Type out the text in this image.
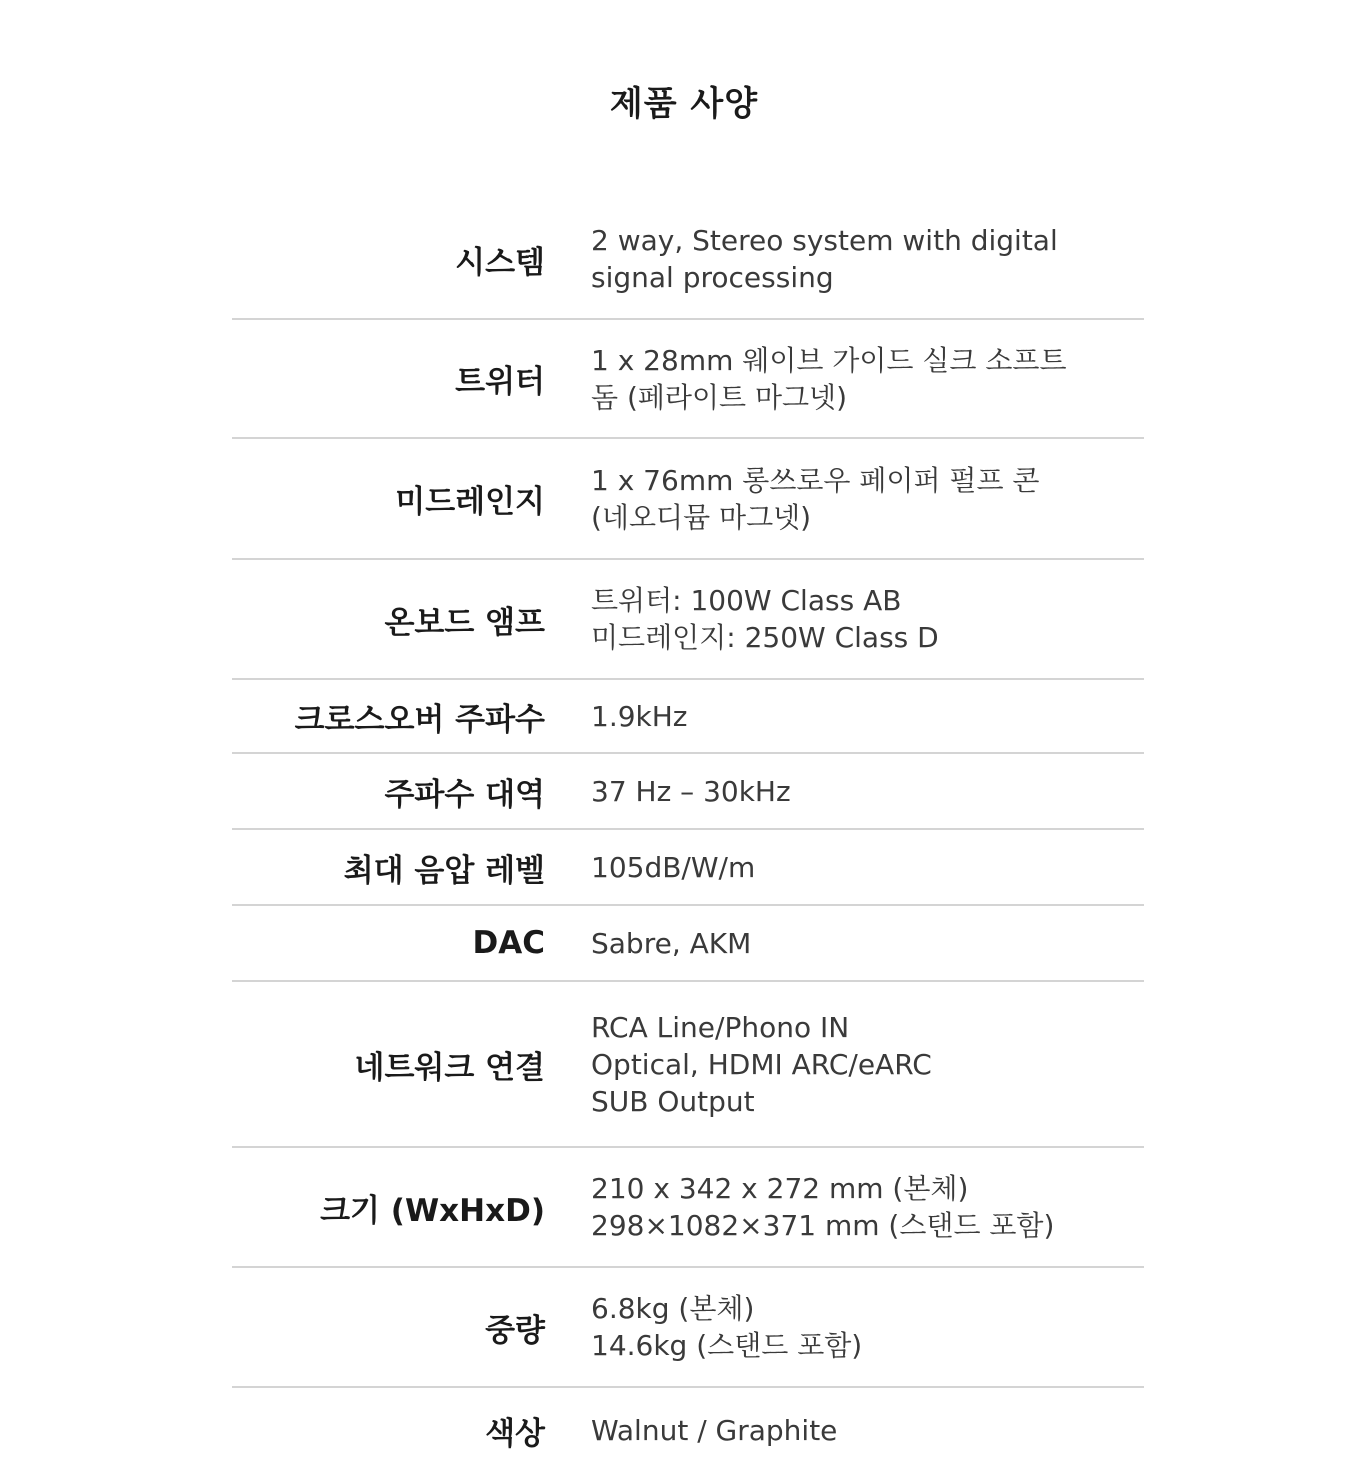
제품 사양
시스템
2 way, Stereo system with digital
signal processing
트위터
1 x 28mm 웨이브 가이드 실크 소프트
돔 (페라이트 마그넷)
미드레인지
1 x 76mm 롱쓰로우 페이퍼 펄프 콘
(네오디뮴 마그넷)
온보드 앰프
트위터: 100W Class AB
미드레인지: 250W Class D
크로스오버 주파수 1.9kHz
주파수 대역 37 Hz – 30kHz
최대 음압 레벨 105dB/W/m
DAC Sabre, AKM
네트워크 연결
RCA Line/Phono IN
Optical, HDMI ARC/eARC
SUB Output
크기 (WxHxD)
210 x 342 x 272 mm (본체)
298×1082×371 mm (스탠드 포함)
중량
6.8kg (본체)
14.6kg (스탠드 포함)
색상 Walnut / Graphite
